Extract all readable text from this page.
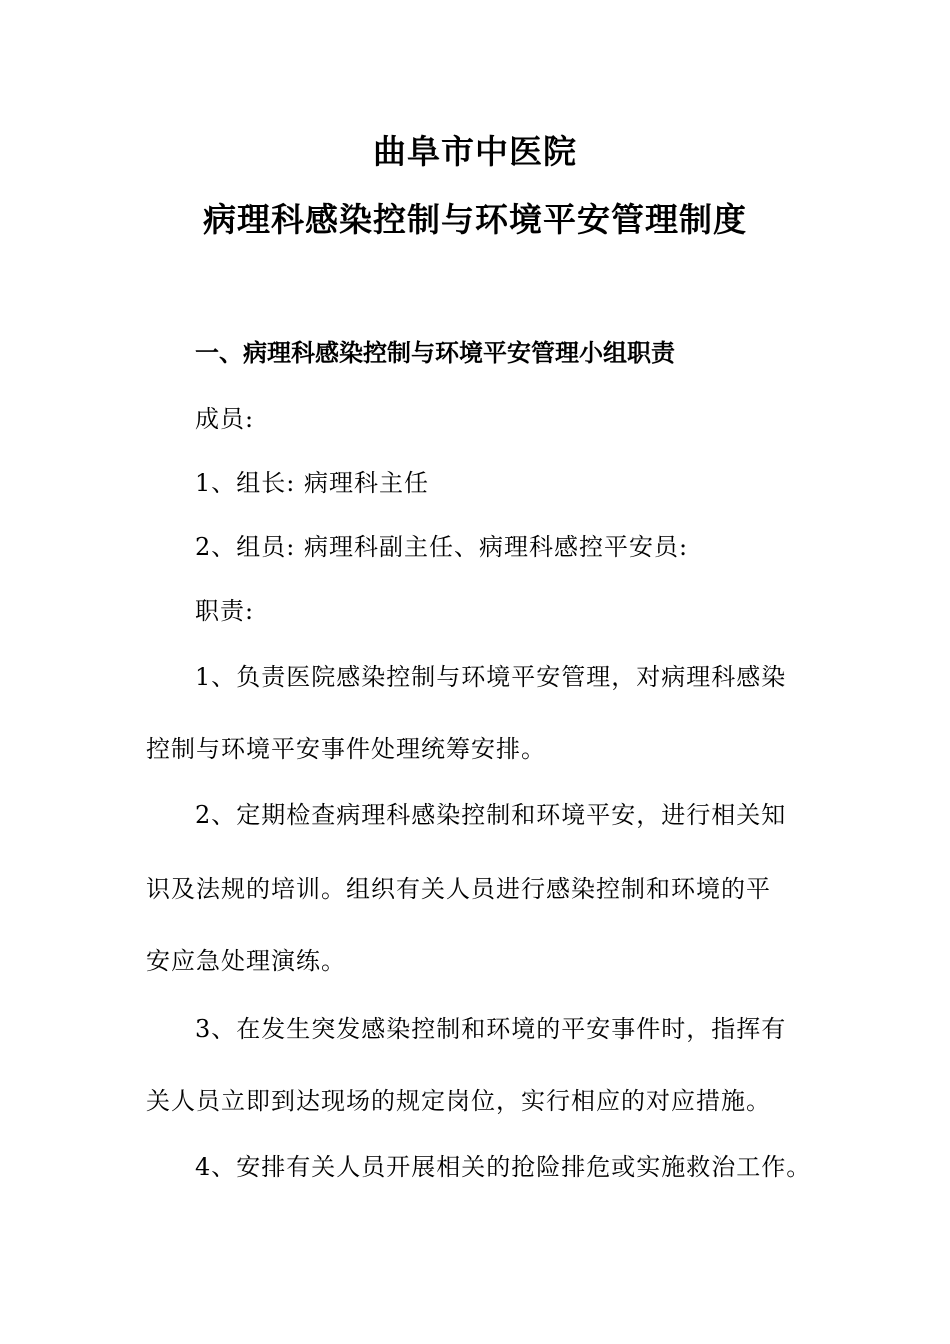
曲阜市中医院
病理科感染控制与环境平安管理制度
一、病理科感染控制与环境平安管理小组职责
成员:
1、组长: 病理科主任
2、组员: 病理科副主任、病理科感控平安员:
职责:
1、负责医院感染控制与环境平安管理，对病理科感染
控制与环境平安事件处理统筹安排。
2、定期检查病理科感染控制和环境平安，进行相关知
识及法规的培训。组织有关人员进行感染控制和环境的平
安应急处理演练。
3、在发生突发感染控制和环境的平安事件时，指挥有
关人员立即到达现场的规定岗位，实行相应的对应措施。
4、安排有关人员开展相关的抢险排危或实施救治工作。
